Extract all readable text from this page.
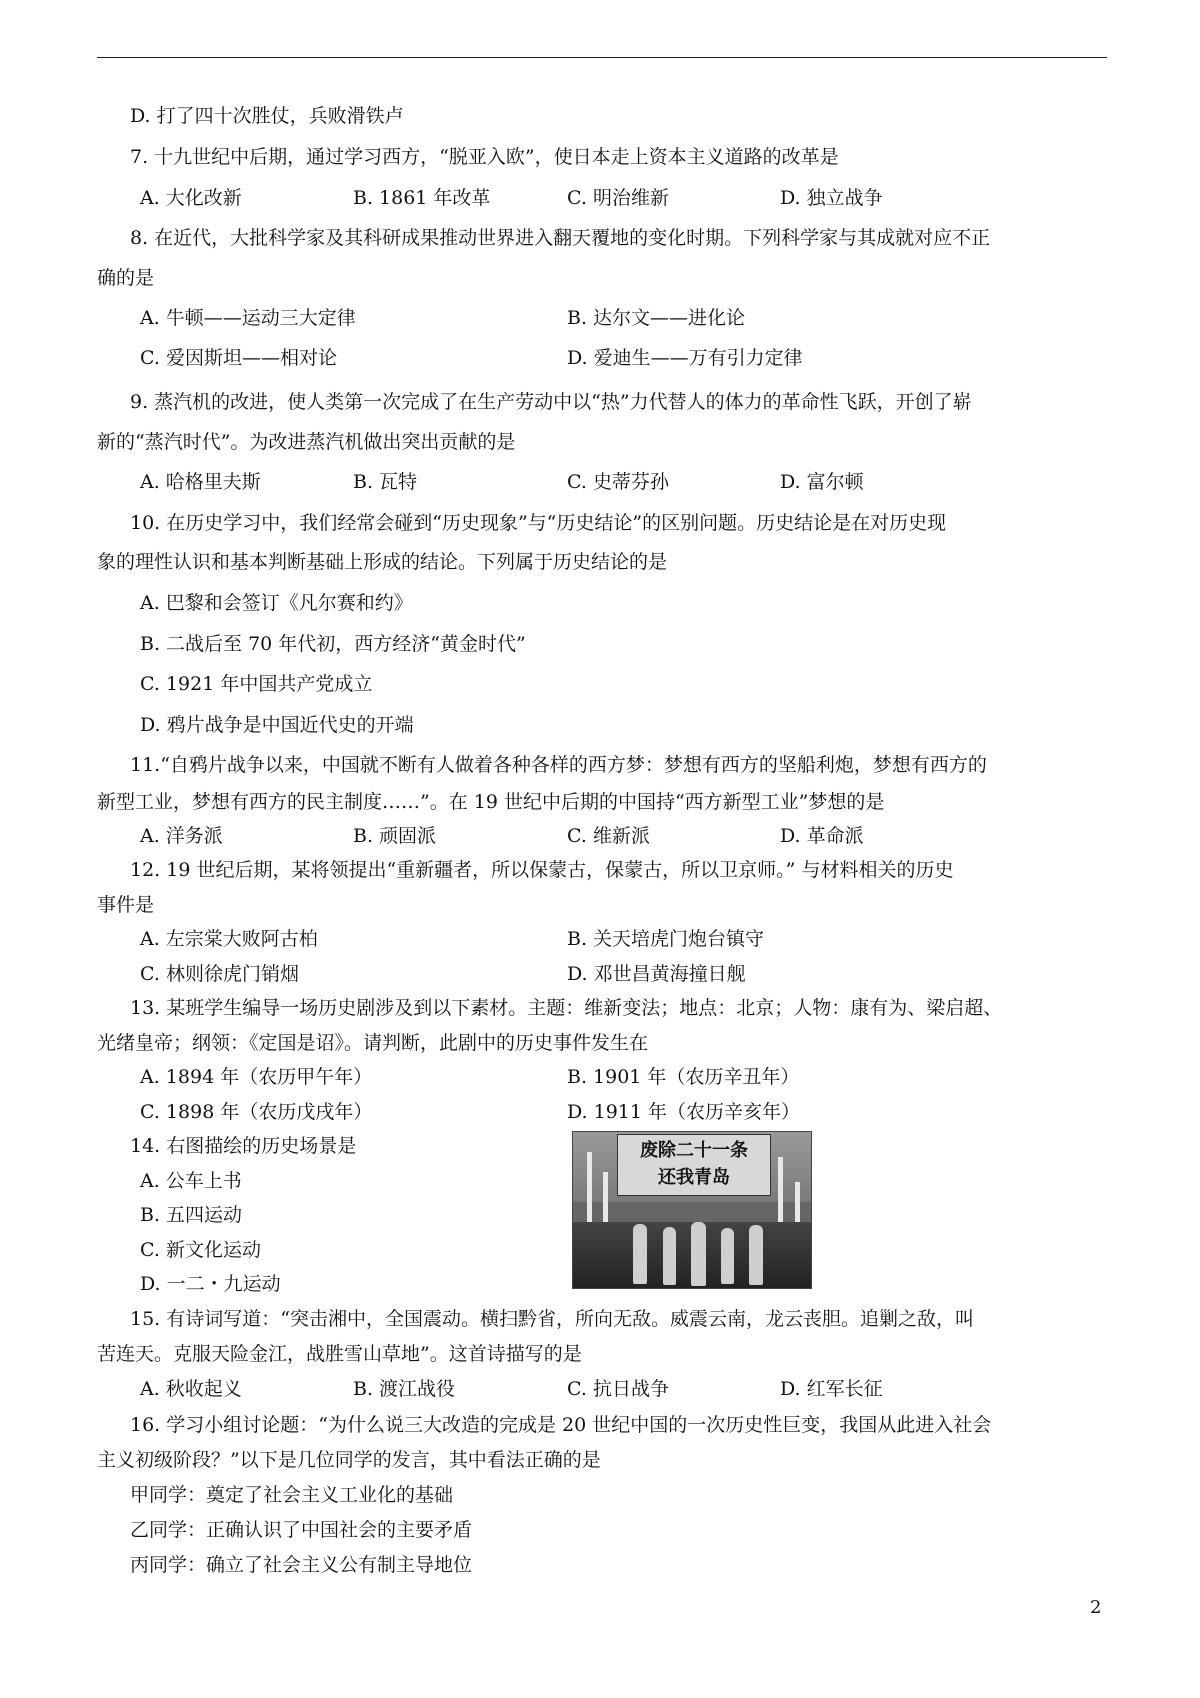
D. 打了四十次胜仗，兵败滑铁卢
7. 十九世纪中后期，通过学习西方，“脱亚入欧”，使日本走上资本主义道路的改革是
A. 大化改新	B. 1861 年改革	C. 明治维新	D. 独立战争
8. 在近代，大批科学家及其科研成果推动世界进入翻天覆地的变化时期。下列科学家与其成就对应不正
确的是
A. 牛顿——运动三大定律	B. 达尔文——进化论
C. 爱因斯坦——相对论	D. 爱迪生——万有引力定律
9. 蒸汽机的改进，使人类第一次完成了在生产劳动中以“热”力代替人的体力的革命性飞跃，开创了崭
新的“蒸汽时代”。为改进蒸汽机做出突出贡献的是
A. 哈格里夫斯	B. 瓦特	C. 史蒂芬孙	D. 富尔顿
10. 在历史学习中，我们经常会碰到“历史现象”与“历史结论”的区别问题。历史结论是在对历史现
象的理性认识和基本判断基础上形成的结论。下列属于历史结论的是
A. 巴黎和会签订《凡尔赛和约》
B. 二战后至 70 年代初，西方经济“黄金时代”
C. 1921 年中国共产党成立
D. 鸦片战争是中国近代史的开端
11.“自鸦片战争以来，中国就不断有人做着各种各样的西方梦：梦想有西方的坚船利炮，梦想有西方的
新型工业，梦想有西方的民主制度……”。在 19 世纪中后期的中国持“西方新型工业”梦想的是
A. 洋务派	B. 顽固派	C. 维新派	D. 革命派
12. 19 世纪后期，某将领提出“重新疆者，所以保蒙古，保蒙古，所以卫京师。” 与材料相关的历史
事件是
A. 左宗棠大败阿古柏	B. 关天培虎门炮台镇守
C. 林则徐虎门销烟	D. 邓世昌黄海撞日舰
13. 某班学生编导一场历史剧涉及到以下素材。主题：维新变法；地点：北京；人物：康有为、梁启超、
光绪皇帝；纲领：《定国是诏》。请判断，此剧中的历史事件发生在
A. 1894 年（农历甲午年）	B. 1901 年（农历辛丑年）
C. 1898 年（农历戊戌年）	D. 1911 年（农历辛亥年）
14. 右图描绘的历史场景是
A. 公车上书
B. 五四运动
C. 新文化运动
D. 一二・九运动
废除二十一条
还我青岛
15. 有诗词写道：“突击湘中，全国震动。横扫黔省，所向无敌。威震云南，龙云丧胆。追剿之敌，叫
苦连天。克服天险金江，战胜雪山草地”。这首诗描写的是
A. 秋收起义	B. 渡江战役	C. 抗日战争	D. 红军长征
16. 学习小组讨论题：“为什么说三大改造的完成是 20 世纪中国的一次历史性巨变，我国从此进入社会
主义初级阶段？”以下是几位同学的发言，其中看法正确的是
甲同学：奠定了社会主义工业化的基础
乙同学：正确认识了中国社会的主要矛盾
丙同学：确立了社会主义公有制主导地位
2
